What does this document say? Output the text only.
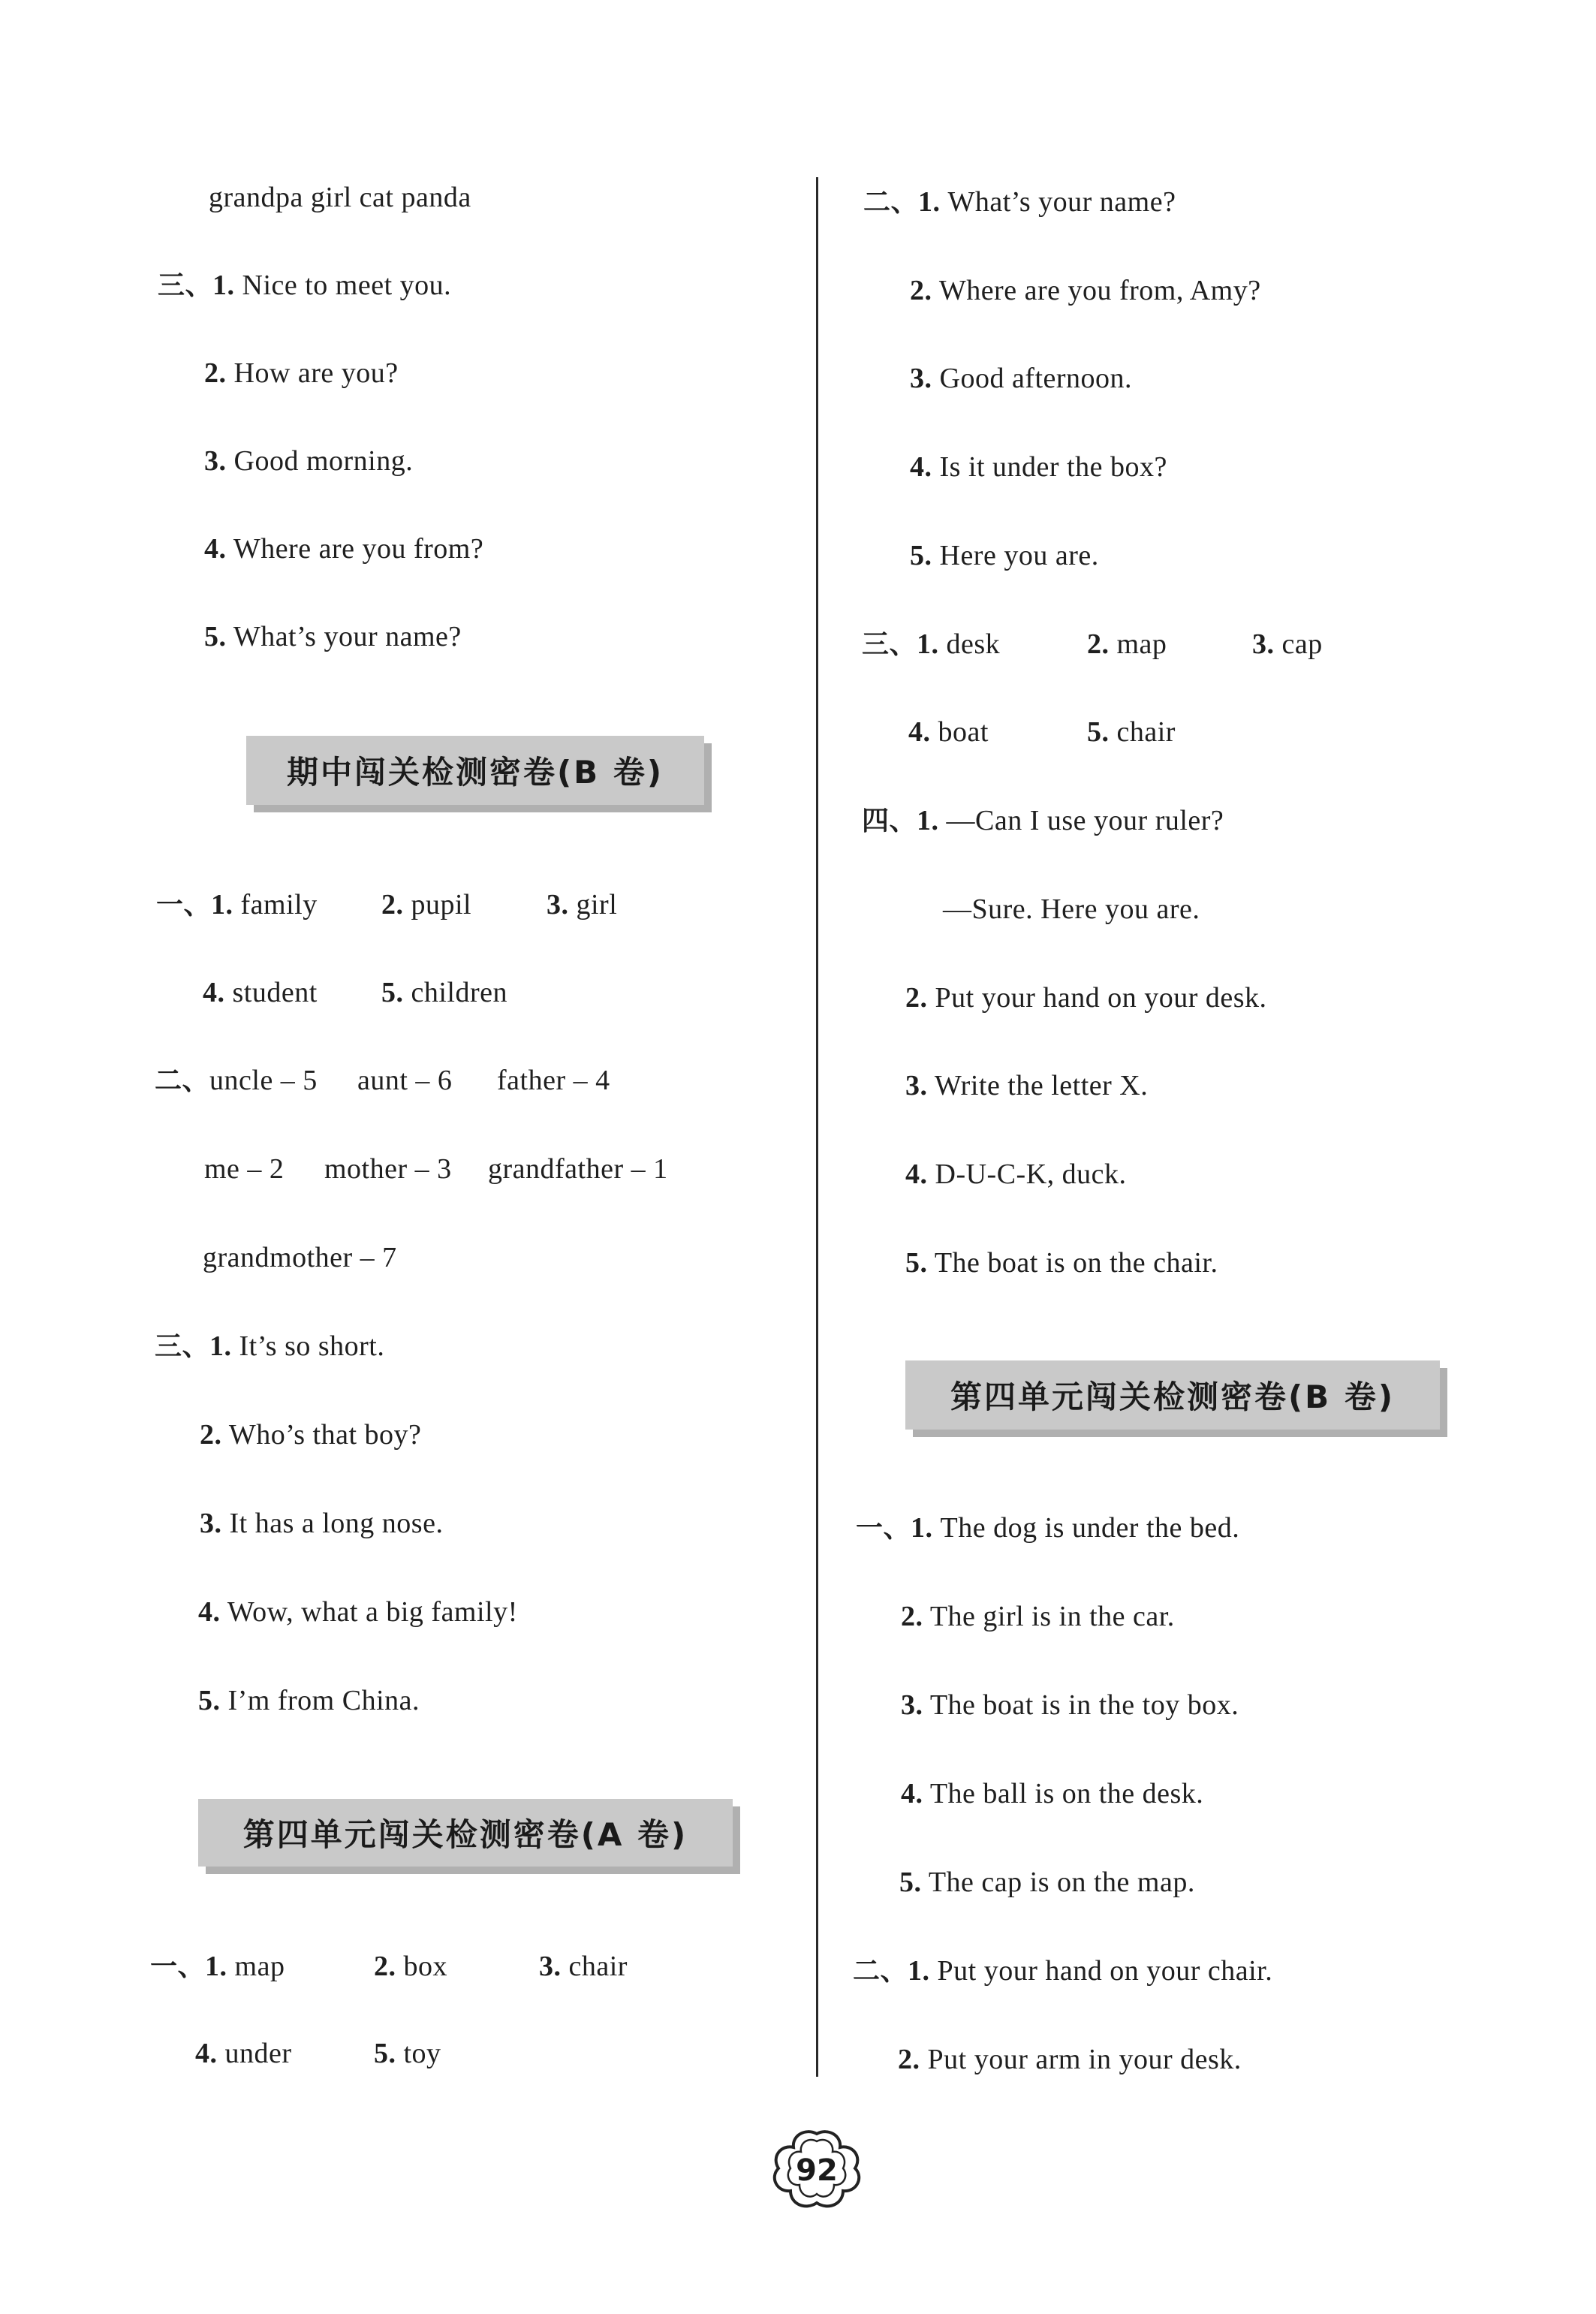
grandpa girl cat panda
三、1. Nice to meet you.
2. How are you?
3. Good morning.
4. Where are you from?
5. What’s your name?
期中闯关检测密卷(B 卷)
一、1. family 2. pupil	3. girl
4. student 5. children
二、uncle – 5 aunt – 6 father – 4
me – 2 mother – 3 grandfather – 1
grandmother – 7
三、1. It’s so short.
2. Who’s that boy?
3. It has a long nose.
4. Wow, what a big family!
5. I’m from China.
第四单元闯关检测密卷(A 卷)
一、1. map	2. box	3. chair
4. under	5. toy
二、1. What’s your name?
2. Where are you from, Amy?
3. Good afternoon.
4. Is it under the box?
5. Here you are.
三、1. desk	2. map	3. cap
4. boat	5. chair
四、1. —Can I use your ruler?
—Sure. Here you are.
2. Put your hand on your desk.
3. Write the letter X.
4. D-U-C-K, duck.
5. The boat is on the chair.
第四单元闯关检测密卷(B 卷)
一、1. The dog is under the bed.
2. The girl is in the car.
3. The boat is in the toy box.
4. The ball is on the desk.
5. The cap is on the map.
二、1. Put your hand on your chair.
2. Put your arm in your desk.
92
